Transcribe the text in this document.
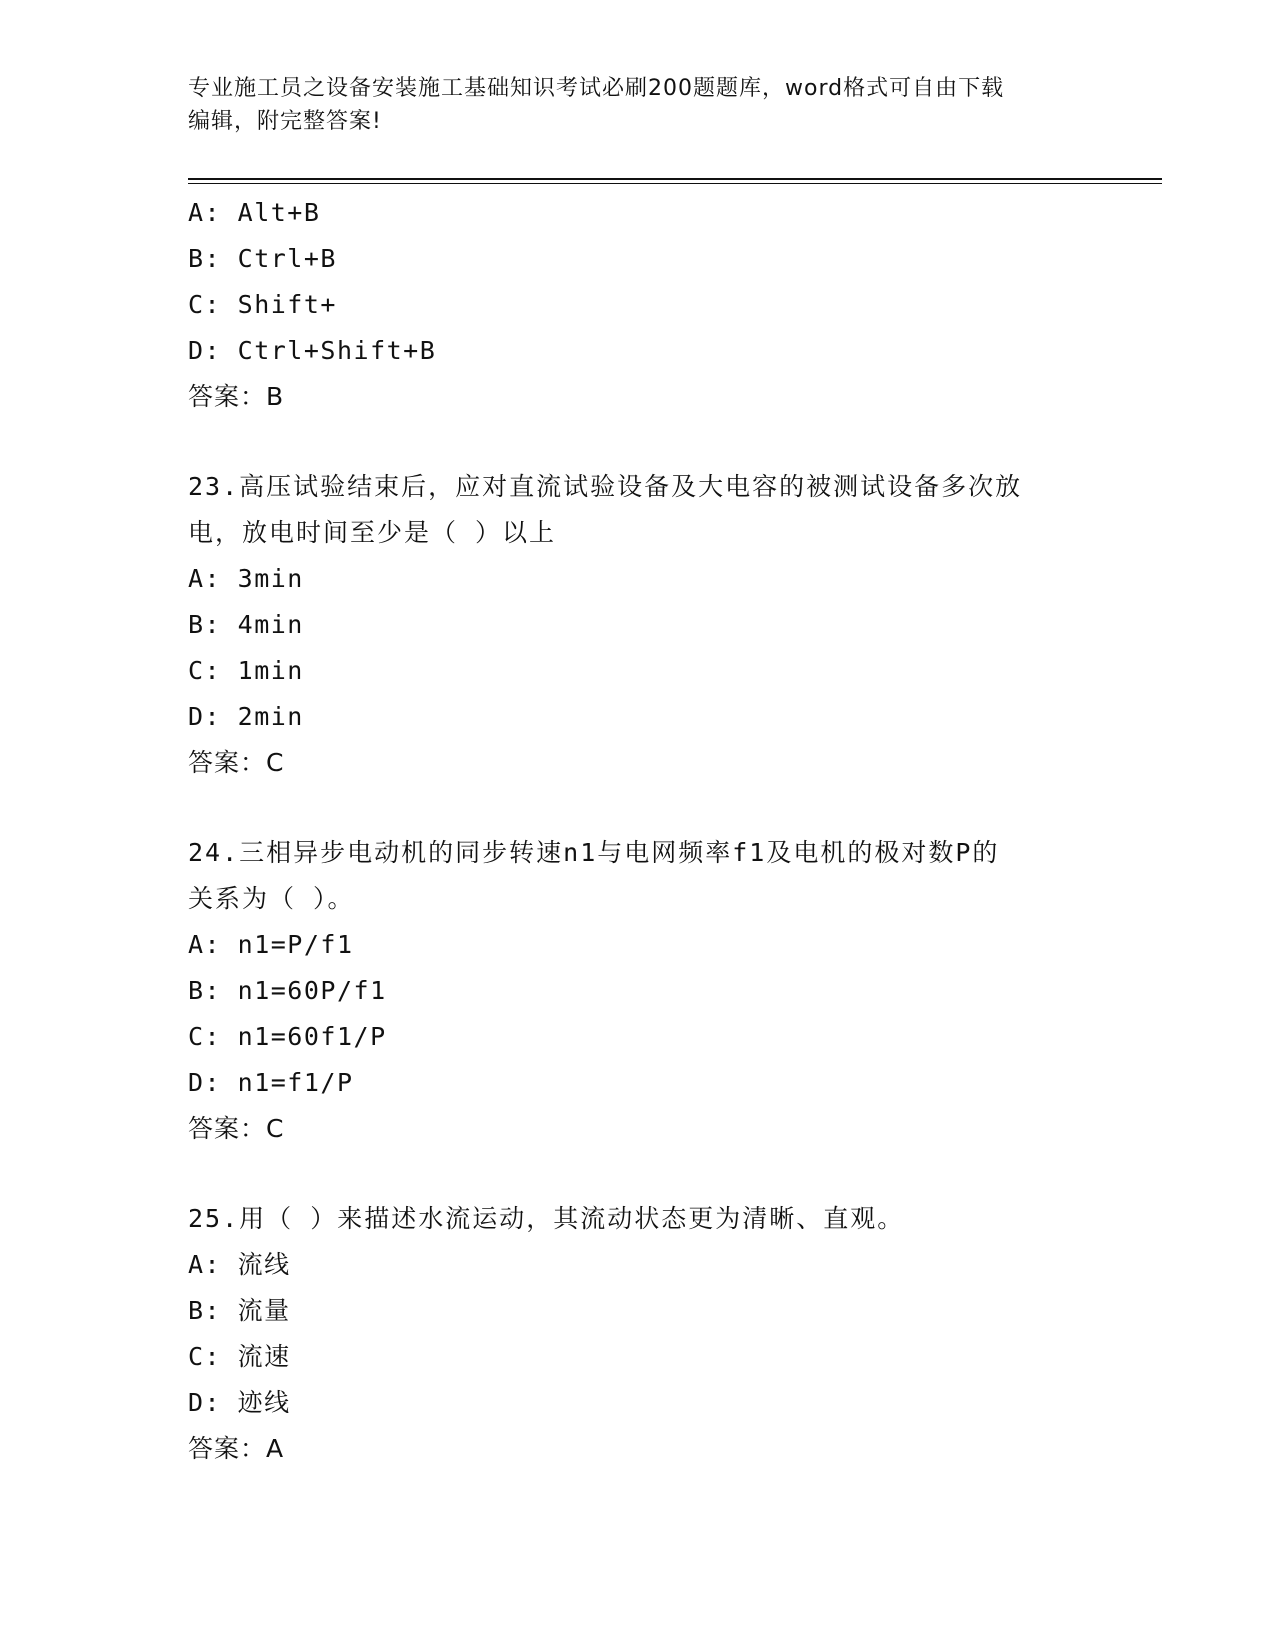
专业施工员之设备安装施工基础知识考试必刷200题题库，word格式可自由下载
编辑，附完整答案!
A: Alt+B
B: Ctrl+B
C: Shift+
D: Ctrl+Shift+B
答案：B
23.高压试验结束后，应对直流试验设备及大电容的被测试设备多次放
电，放电时间至少是（ ）以上
A: 3min
B: 4min
C: 1min
D: 2min
答案：C
24.三相异步电动机的同步转速n1与电网频率f1及电机的极对数P的
关系为（ ）。
A: n1=P/f1
B: n1=60P/f1
C: n1=60f1/P
D: n1=f1/P
答案：C
25.用（ ）来描述水流运动，其流动状态更为清晰、直观。
A: 流线
B: 流量
C: 流速
D: 迹线
答案：A
